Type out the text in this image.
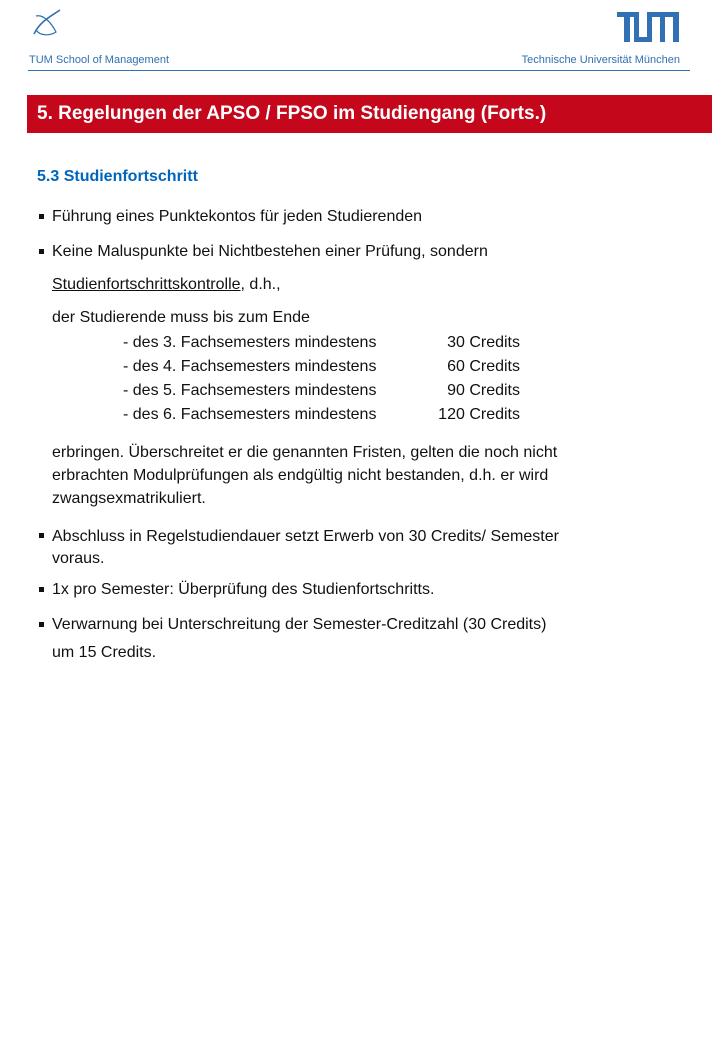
TUM School of Management	Technische Universität München
5. Regelungen der APSO / FPSO im Studiengang (Forts.)
5.3 Studienfortschritt
Führung eines Punktekontos für jeden Studierenden
Keine Maluspunkte bei Nichtbestehen einer Prüfung, sondern
Studienfortschrittskontrolle, d.h.,
der Studierende muss bis zum Ende
- des 3. Fachsemesters mindestens	30 Credits
- des 4. Fachsemesters mindestens	60 Credits
- des 5. Fachsemesters mindestens	90 Credits
- des 6. Fachsemesters mindestens	120 Credits
erbringen. Überschreitet er die genannten Fristen, gelten die noch nicht
erbrachten Modulprüfungen als endgültig nicht bestanden, d.h. er wird
zwangsexmatrikuliert.
Abschluss in Regelstudiendauer setzt Erwerb von 30 Credits/ Semester
voraus.
1x pro Semester: Überprüfung des Studienfortschritts.
Verwarnung bei Unterschreitung der Semester-Creditzahl (30 Credits)
um 15 Credits.
